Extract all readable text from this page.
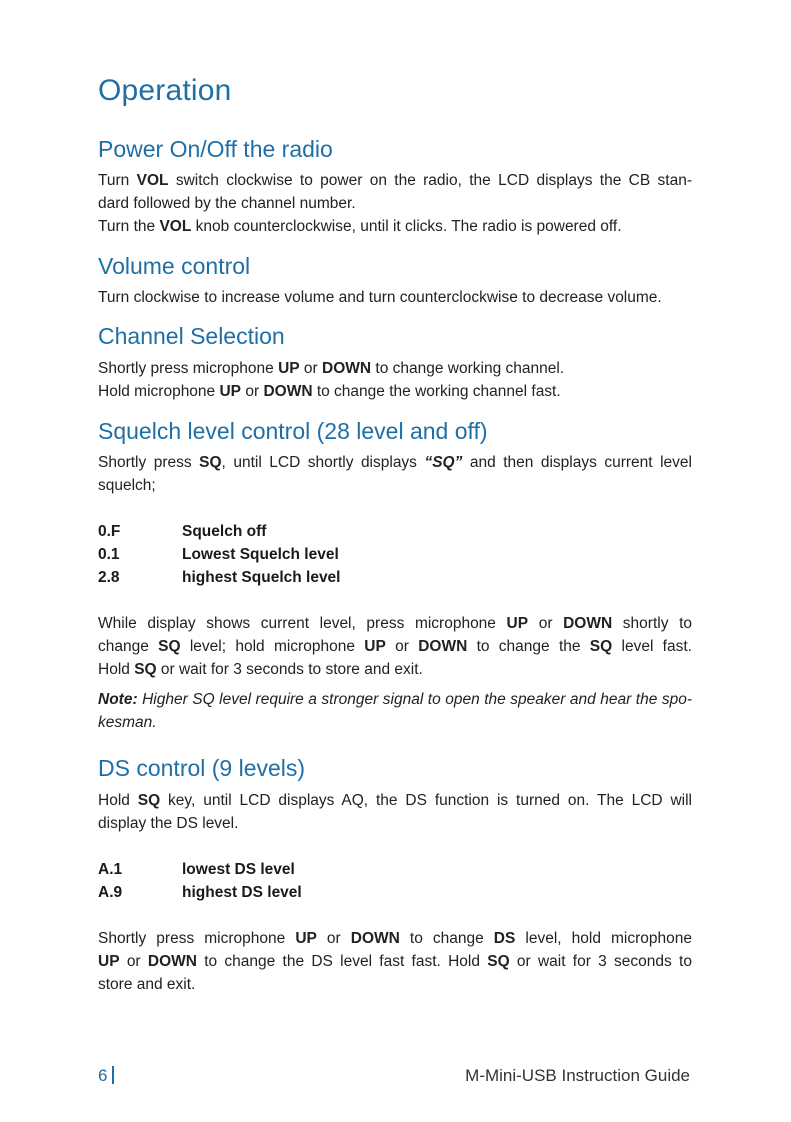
Operation
Power On/Off the radio
Turn VOL switch clockwise to power on the radio, the LCD displays the CB stan-
dard followed by the channel number.
Turn the VOL knob counterclockwise, until it clicks. The radio is powered off.
Volume control
Turn clockwise to increase volume and turn counterclockwise to decrease volume.
Channel Selection
Shortly press microphone UP or DOWN to change working channel.
Hold microphone UP or DOWN to change the working channel fast.
Squelch level control (28 level and off)
Shortly press SQ, until LCD shortly displays “SQ” and then displays current level
squelch;
0.F	Squelch off
0.1	Lowest Squelch level
2.8	highest Squelch level
While display shows current level, press microphone UP or DOWN shortly to
change SQ level; hold microphone UP or DOWN to change the SQ level fast.
Hold SQ or wait for 3 seconds to store and exit.
Note: Higher SQ level require a stronger signal to open the speaker and hear the spo-
kesman.
DS control (9 levels)
Hold SQ key, until LCD displays AQ, the DS function is turned on. The LCD will
display the DS level.
A.1	lowest DS level
A.9	highest DS level
Shortly press microphone UP or DOWN to change DS level, hold microphone
UP or DOWN to change the DS level fast fast. Hold SQ or wait for 3 seconds to
store and exit.
6	M-Mini-USB Instruction Guide
